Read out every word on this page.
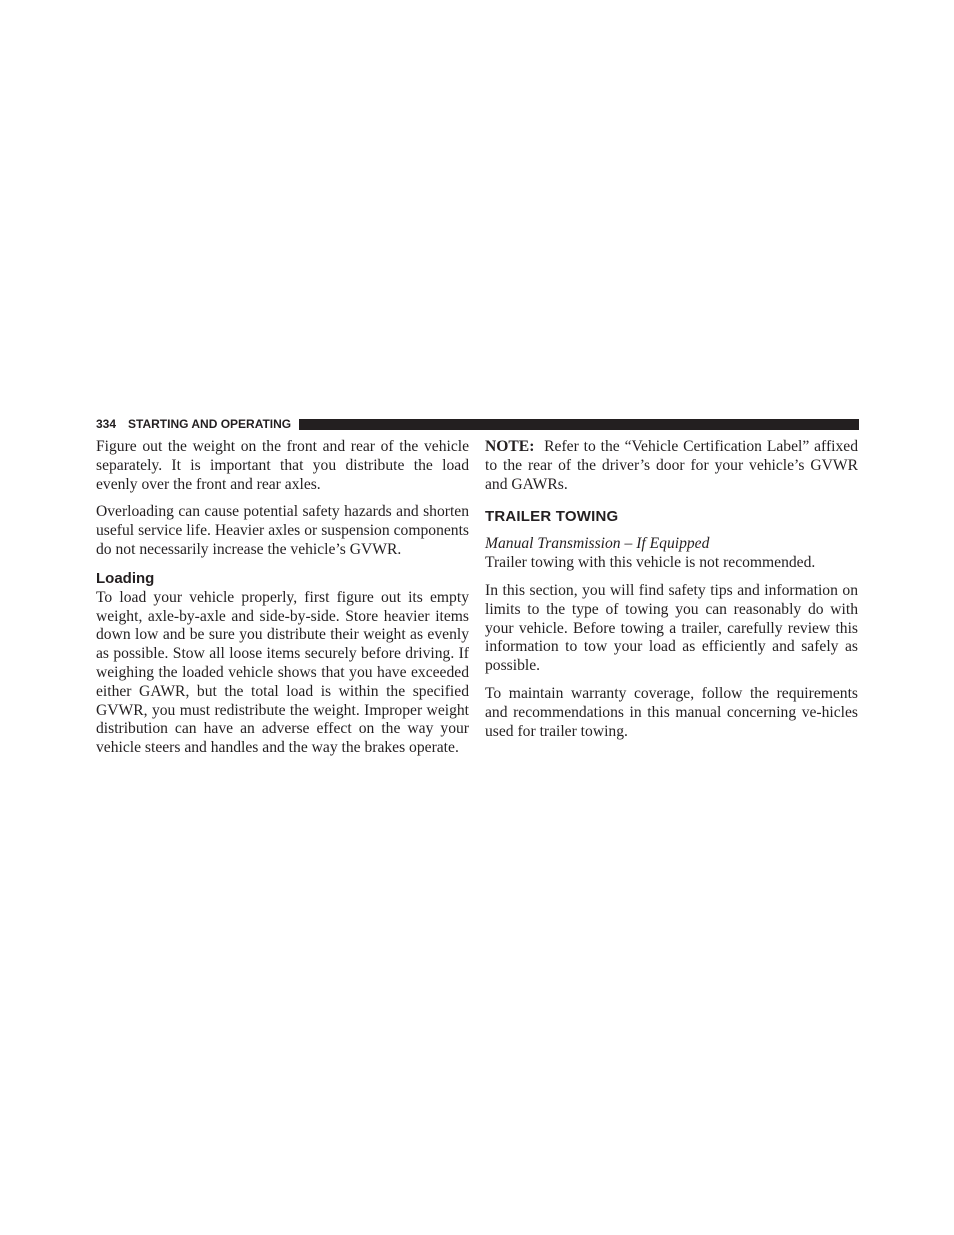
334 STARTING AND OPERATING

Figure out the weight on the front and rear of the vehicle separately. It is important that you distribute the load evenly over the front and rear axles.

Overloading can cause potential safety hazards and shorten useful service life. Heavier axles or suspension components do not necessarily increase the vehicle’s GVWR.

Loading

To load your vehicle properly, first figure out its empty weight, axle-by-axle and side-by-side. Store heavier items down low and be sure you distribute their weight as evenly as possible. Stow all loose items securely before driving. If weighing the loaded vehicle shows that you have exceeded either GAWR, but the total load is within the specified GVWR, you must redistribute the weight. Improper weight distribution can have an adverse effect on the way your vehicle steers and handles and the way the brakes operate.

NOTE: Refer to the “Vehicle Certification Label” affixed to the rear of the driver’s door for your vehicle’s GVWR and GAWRs.

TRAILER TOWING

Manual Transmission – If Equipped

Trailer towing with this vehicle is not recommended.

In this section, you will find safety tips and information on limits to the type of towing you can reasonably do with your vehicle. Before towing a trailer, carefully review this information to tow your load as efficiently and safely as possible.

To maintain warranty coverage, follow the requirements and recommendations in this manual concerning ve-hicles used for trailer towing.
